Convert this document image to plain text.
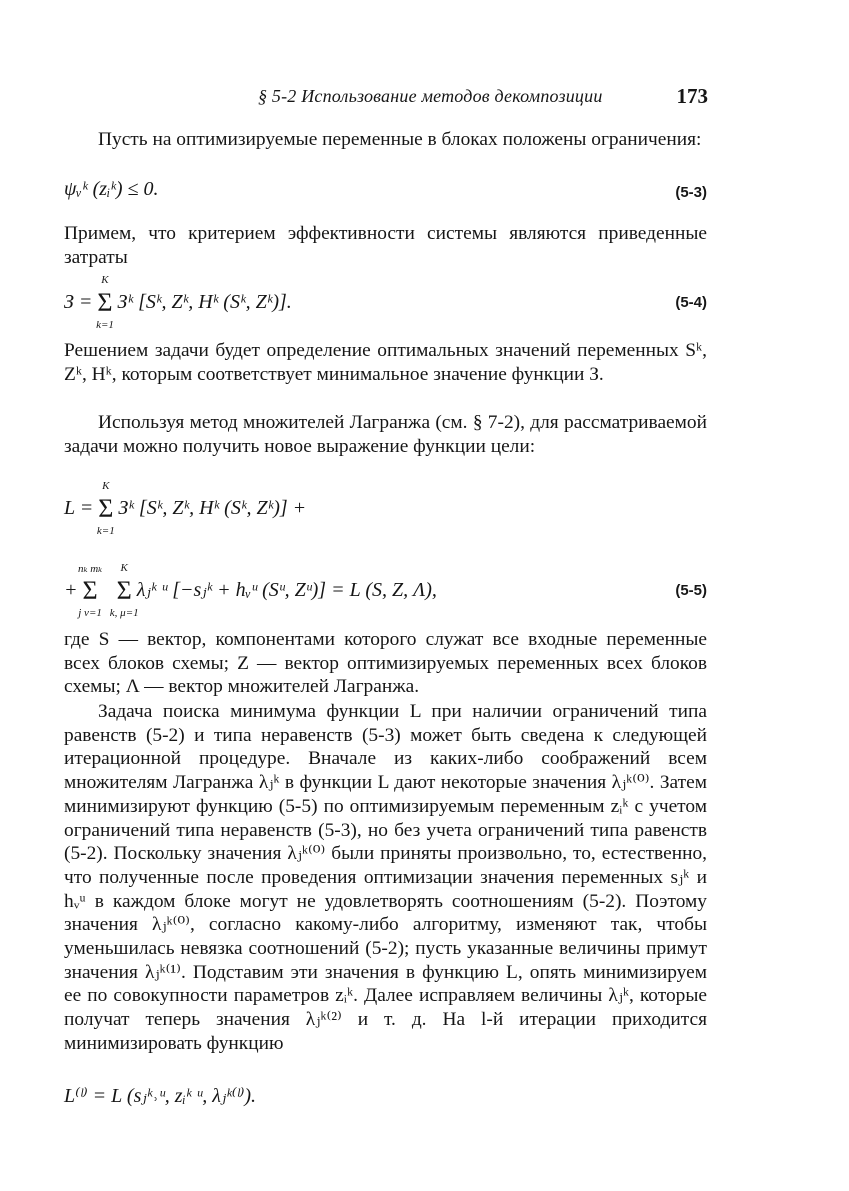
§ 5-2 Использование методов декомпозиции	173

Пусть на оптимизируемые переменные в блоках положены ограничения:

ψᵥᵏ (zᵢᵏ) ≤ 0.	(5-3)

Примем, что критерием эффективности системы являются приведенные затраты

З = Σ
K
k=1
Зᵏ [Sᵏ, Zᵏ, Hᵏ (Sᵏ, Zᵏ)].	(5-4)

Решением задачи будет определение оптимальных значений переменных Sᵏ, Zᵏ, Hᵏ, которым соответствует минимальное значение функции З.

Используя метод множителей Лагранжа (см. § 7-2), для рассматриваемой задачи можно получить новое выражение функции цели:

L = Σ
K
k=1
Зᵏ [Sᵏ, Zᵏ, Hᵏ (Sᵏ, Zᵏ)] +
+ Σ
nₖ mₖ
j ν=1
Σ
K
k, μ=1
λⱼᵏ ᵘ [−sⱼᵏ + hᵥᵘ (Sᵘ, Zᵘ)] = L (S, Z, Λ),	(5-5)

где S — вектор, компонентами которого служат все входные переменные всех блоков схемы; Z — вектор оптимизируемых переменных всех блоков схемы; Λ — вектор множителей Лагранжа.

Задача поиска минимума функции L при наличии ограничений типа равенств (5-2) и типа неравенств (5-3) может быть сведена к следующей итерационной процедуре. Вначале из каких-либо соображений всем множителям Лагранжа λⱼᵏ в функции L дают некоторые значения λⱼᵏ⁽⁰⁾. Затем минимизируют функцию (5-5) по оптимизируемым переменным zᵢᵏ с учетом ограничений типа неравенств (5-3), но без учета ограничений типа равенств (5-2). Поскольку значения λⱼᵏ⁽⁰⁾ были приняты произвольно, то, естественно, что полученные после проведения оптимизации значения переменных sⱼᵏ и hᵥᵘ в каждом блоке могут не удовлетворять соотношениям (5-2). Поэтому значения λⱼᵏ⁽⁰⁾, согласно какому-либо алгоритму, изменяют так, чтобы уменьшилась невязка соотношений (5-2); пусть указанные величины примут значения λⱼᵏ⁽¹⁾. Подставим эти значения в функцию L, опять минимизируем ее по совокупности параметров zᵢᵏ. Далее исправляем величины λⱼᵏ, которые получат теперь значения λⱼᵏ⁽²⁾ и т. д. На l-й итерации приходится минимизировать функцию

L⁽ˡ⁾ = L (sⱼᵏ˒ᵘ, zᵢᵏ ᵘ, λⱼᵏ⁽ˡ⁾).
